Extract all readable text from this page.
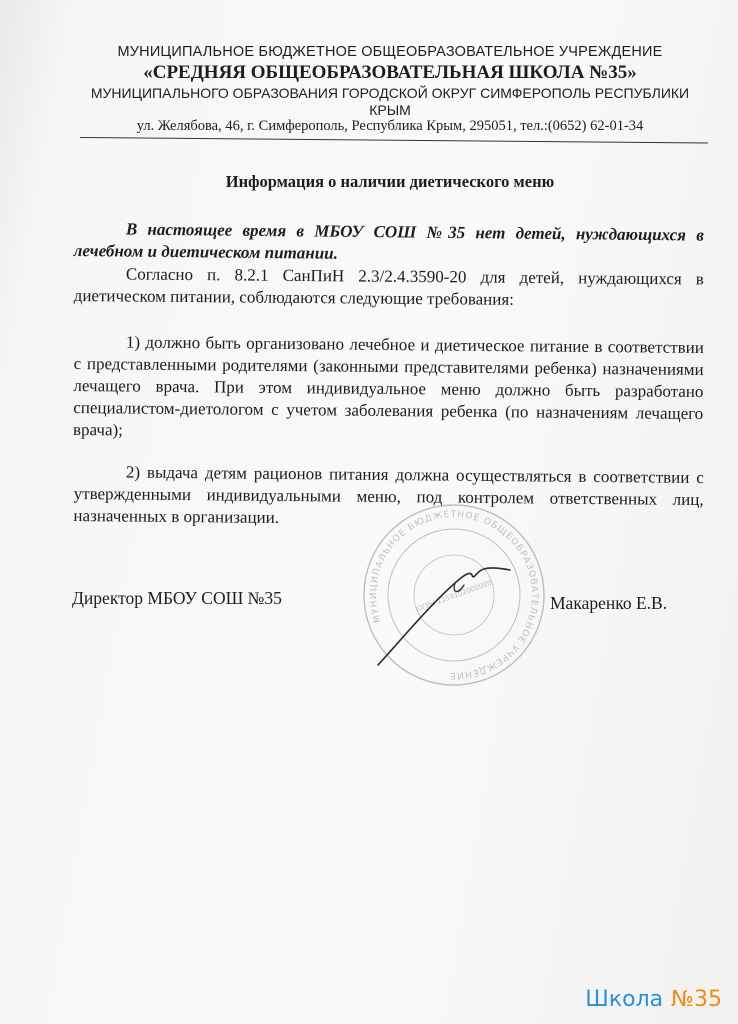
МУНИЦИПАЛЬНОЕ БЮДЖЕТНОЕ ОБЩЕОБРАЗОВАТЕЛЬНОЕ УЧРЕЖДЕНИЕ
«СРЕДНЯЯ ОБЩЕОБРАЗОВАТЕЛЬНАЯ ШКОЛА №35»
МУНИЦИПАЛЬНОГО ОБРАЗОВАНИЯ ГОРОДСКОЙ ОКРУГ СИМФЕРОПОЛЬ РЕСПУБЛИКИ
КРЫМ
ул. Желябова, 46, г. Симферополь, Республика Крым, 295051, тел.:(0652) 62-01-34
Информация о наличии диетического меню
В настоящее время в МБОУ СОШ №35 нет детей, нуждающихся в лечебном и диетическом питании.
Согласно п. 8.2.1 СанПиН 2.3/2.4.3590-20 для детей, нуждающихся в диетическом питании, соблюдаются следующие требования:
1) должно быть организовано лечебное и диетическое питание в соответствии с представленными родителями (законными представителями ребенка) назначениями лечащего врача. При этом индивидуальное меню должно быть разработано специалистом-диетологом с учетом заболевания ребенка (по назначениям лечащего врача);
2) выдача детям рационов питания должна осуществляться в соответствии с утвержденными индивидуальными меню, под контролем ответственных лиц, назначенных в организации.
Директор МБОУ СОШ №35
МУНИЦИПАЛЬНОЕ БЮДЖЕТНОЕ ОБЩЕОБРАЗОВАТЕЛЬНОЕ УЧРЕЖДЕНИЕ
ОГРН 1159102000000	Макаренко Е.В.
Школа №35
